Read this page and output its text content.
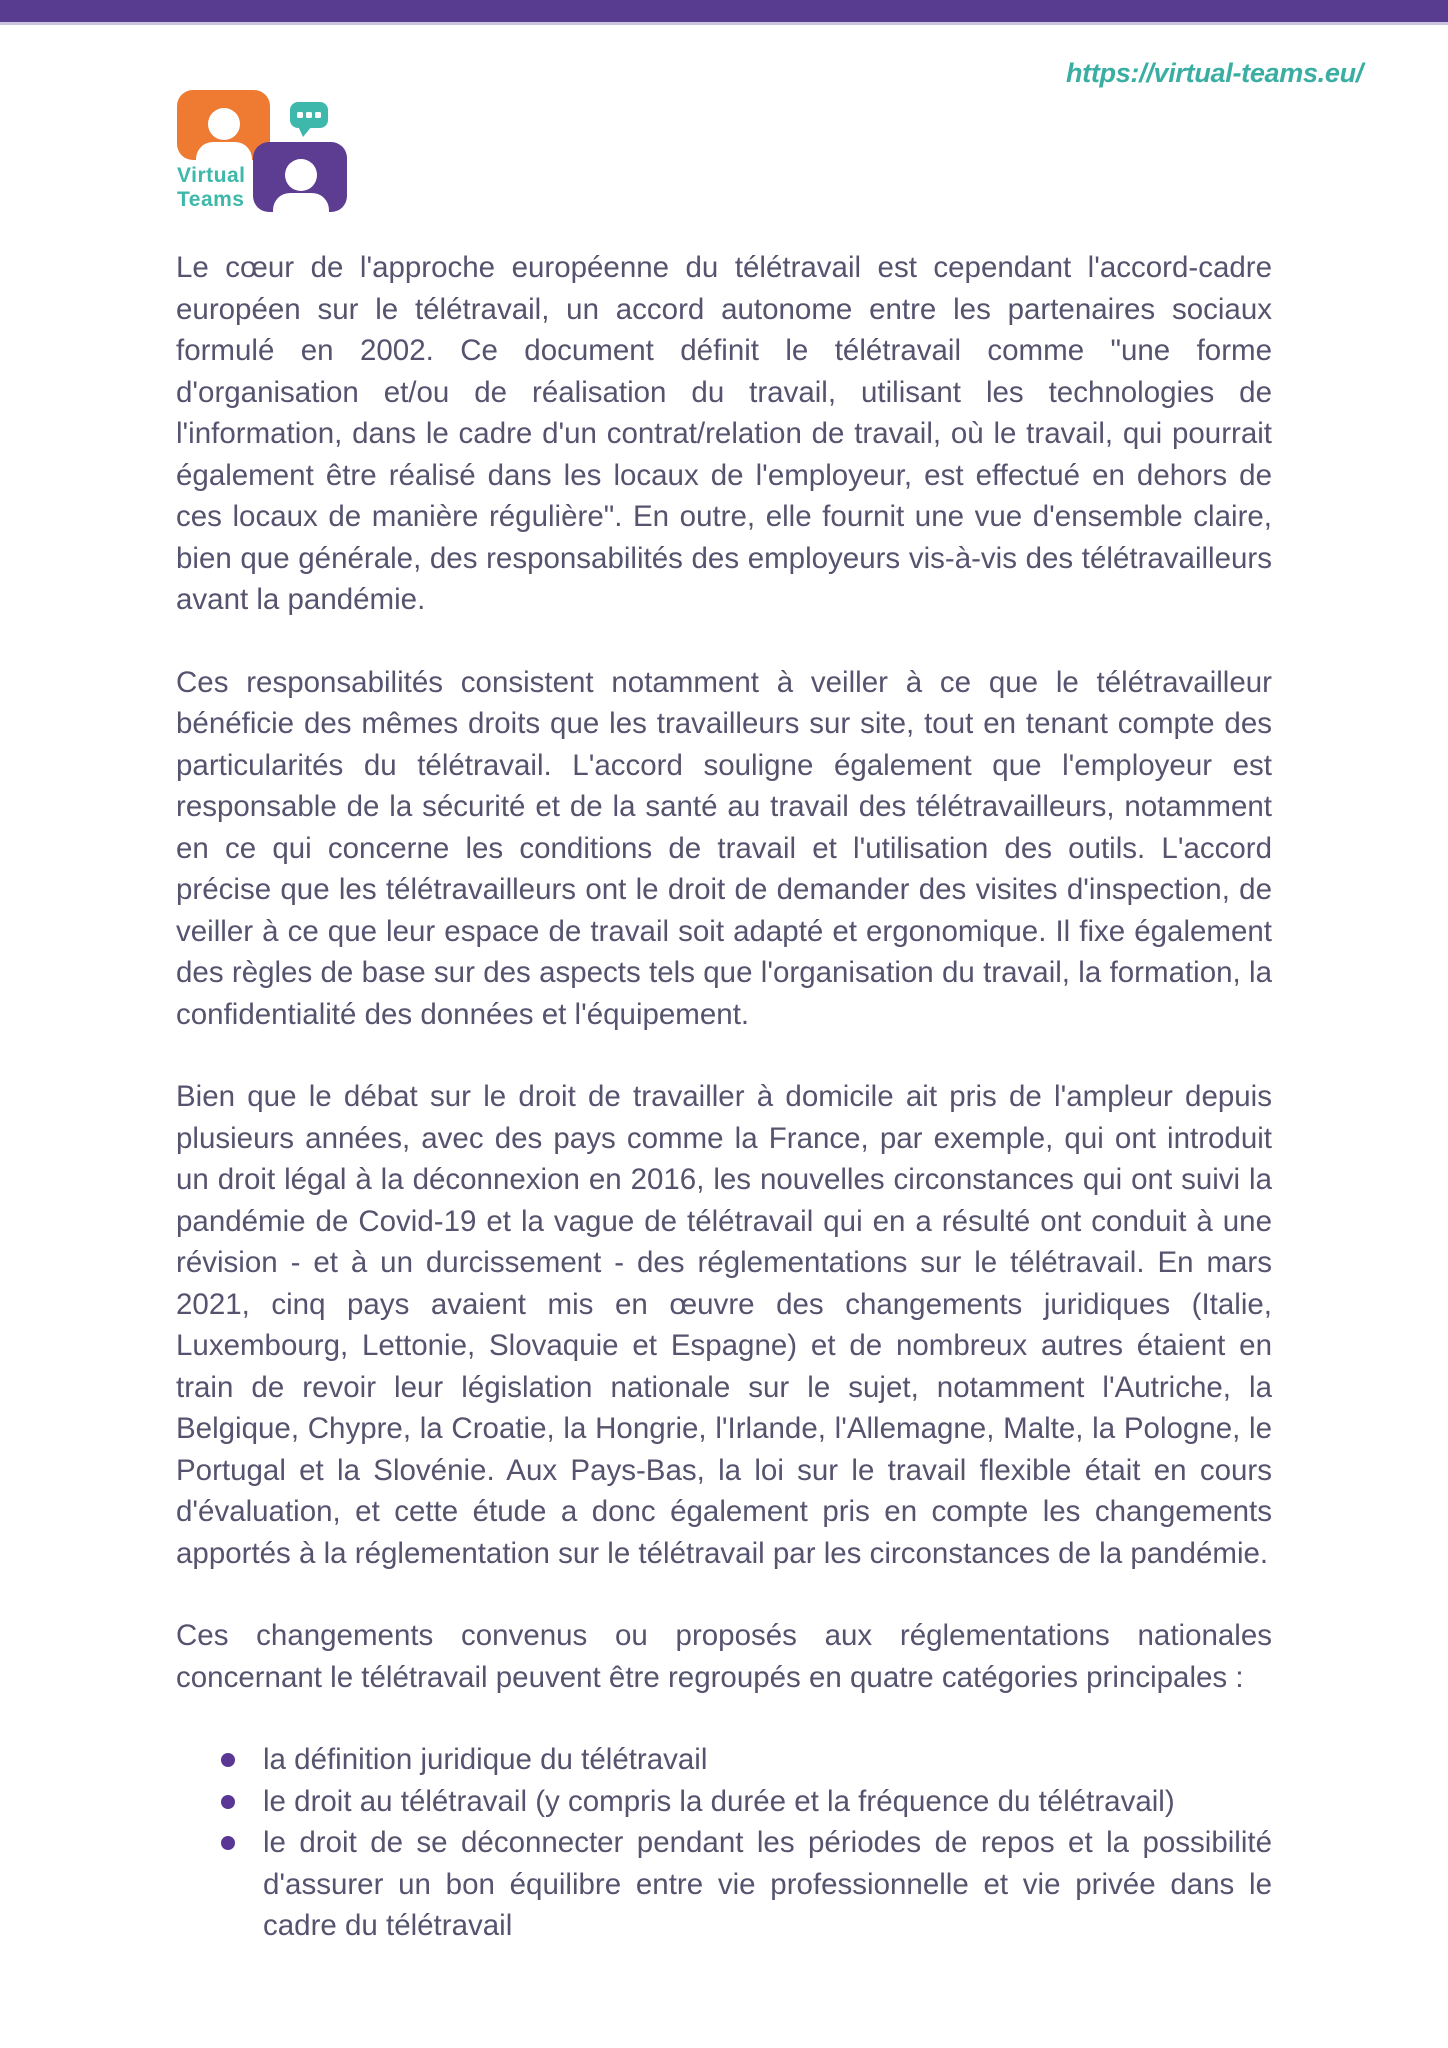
Virtual
Teams
https://virtual-teams.eu/

Le cœur de l'approche européenne du télétravail est cependant l'accord-cadre européen sur le télétravail, un accord autonome entre les partenaires sociaux formulé en 2002. Ce document définit le télétravail comme "une forme d'organisation et/ou de réalisation du travail, utilisant les technologies de l'information, dans le cadre d'un contrat/relation de travail, où le travail, qui pourrait également être réalisé dans les locaux de l'employeur, est effectué en dehors de ces locaux de manière régulière". En outre, elle fournit une vue d'ensemble claire, bien que générale, des responsabilités des employeurs vis-à-vis des télétravailleurs avant la pandémie.

Ces responsabilités consistent notamment à veiller à ce que le télétravailleur bénéficie des mêmes droits que les travailleurs sur site, tout en tenant compte des particularités du télétravail. L'accord souligne également que l'employeur est responsable de la sécurité et de la santé au travail des télétravailleurs, notamment en ce qui concerne les conditions de travail et l'utilisation des outils. L'accord précise que les télétravailleurs ont le droit de demander des visites d'inspection, de veiller à ce que leur espace de travail soit adapté et ergonomique. Il fixe également des règles de base sur des aspects tels que l'organisation du travail, la formation, la confidentialité des données et l'équipement.

Bien que le débat sur le droit de travailler à domicile ait pris de l'ampleur depuis plusieurs années, avec des pays comme la France, par exemple, qui ont introduit un droit légal à la déconnexion en 2016, les nouvelles circonstances qui ont suivi la pandémie de Covid-19 et la vague de télétravail qui en a résulté ont conduit à une révision - et à un durcissement - des réglementations sur le télétravail. En mars 2021, cinq pays avaient mis en œuvre des changements juridiques (Italie, Luxembourg, Lettonie, Slovaquie et Espagne) et de nombreux autres étaient en train de revoir leur législation nationale sur le sujet, notamment l'Autriche, la Belgique, Chypre, la Croatie, la Hongrie, l'Irlande, l'Allemagne, Malte, la Pologne, le Portugal et la Slovénie. Aux Pays-Bas, la loi sur le travail flexible était en cours d'évaluation, et cette étude a donc également pris en compte les changements apportés à la réglementation sur le télétravail par les circonstances de la pandémie.

Ces changements convenus ou proposés aux réglementations nationales concernant le télétravail peuvent être regroupés en quatre catégories principales :

la définition juridique du télétravail
le droit au télétravail (y compris la durée et la fréquence du télétravail)
le droit de se déconnecter pendant les périodes de repos et la possibilité d'assurer un bon équilibre entre vie professionnelle et vie privée dans le cadre du télétravail
